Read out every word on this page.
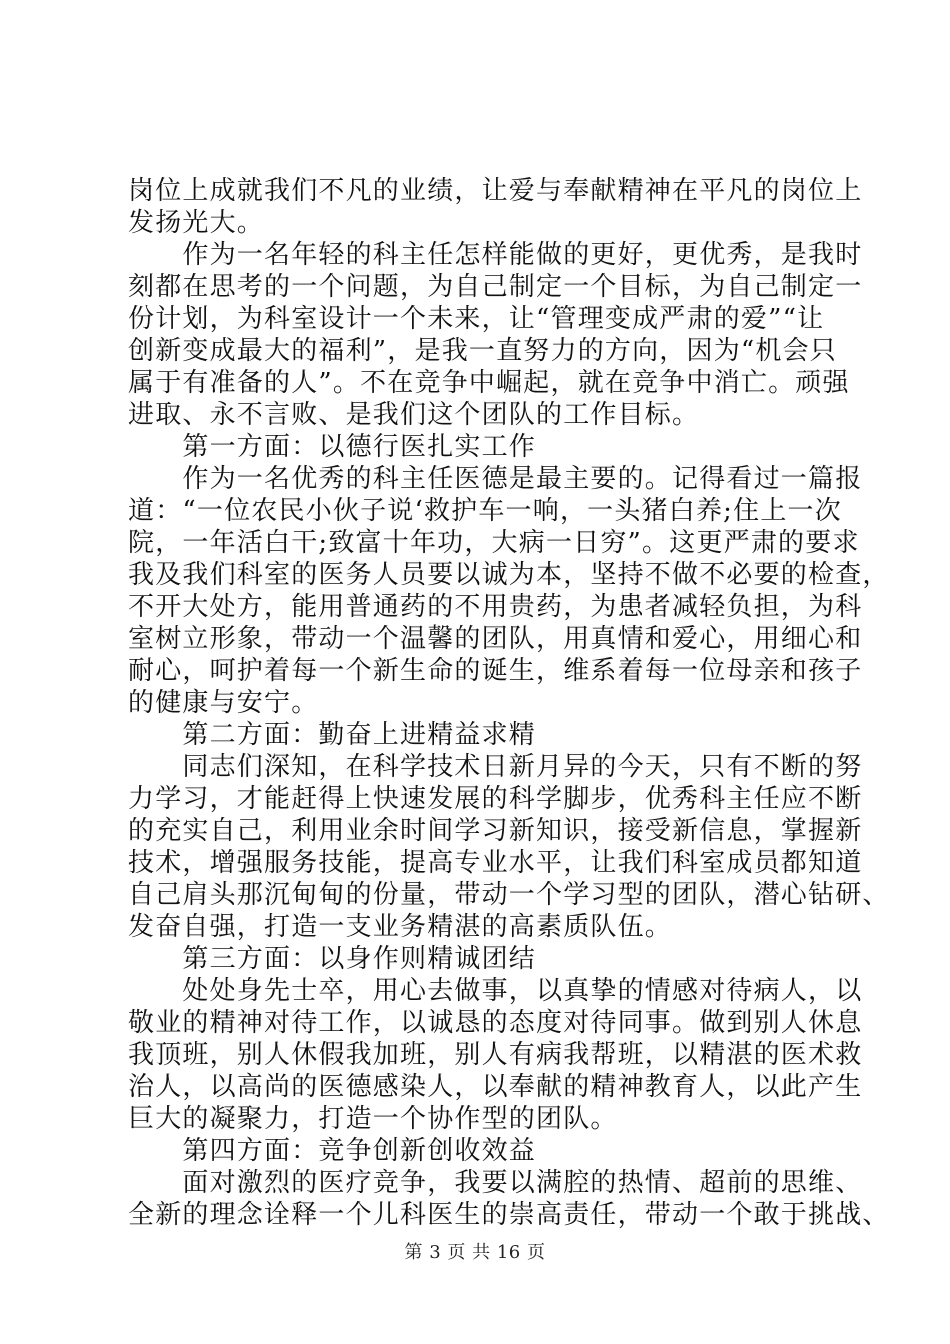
岗位上成就我们不凡的业绩，让爱与奉献精神在平凡的岗位上
发扬光大。
　　作为一名年轻的科主任怎样能做的更好，更优秀，是我时
刻都在思考的一个问题，为自己制定一个目标，为自己制定一
份计划，为科室设计一个未来，让“管理变成严肃的爱”“让
创新变成最大的福利”，是我一直努力的方向，因为“机会只
属于有准备的人”。不在竞争中崛起，就在竞争中消亡。顽强
进取、永不言败、是我们这个团队的工作目标。
　　第一方面：以德行医扎实工作
　　作为一名优秀的科主任医德是最主要的。记得看过一篇报
道：“一位农民小伙子说‘救护车一响，一头猪白养;住上一次
院，一年活白干;致富十年功，大病一日穷”。这更严肃的要求
我及我们科室的医务人员要以诚为本，坚持不做不必要的检查，
不开大处方，能用普通药的不用贵药，为患者减轻负担，为科
室树立形象，带动一个温馨的团队，用真情和爱心，用细心和
耐心，呵护着每一个新生命的诞生，维系着每一位母亲和孩子
的健康与安宁。
　　第二方面：勤奋上进精益求精
　　同志们深知，在科学技术日新月异的今天，只有不断的努
力学习，才能赶得上快速发展的科学脚步，优秀科主任应不断
的充实自己，利用业余时间学习新知识，接受新信息，掌握新
技术，增强服务技能，提高专业水平，让我们科室成员都知道
自己肩头那沉甸甸的份量，带动一个学习型的团队，潜心钻研、
发奋自强，打造一支业务精湛的高素质队伍。
　　第三方面：以身作则精诚团结
　　处处身先士卒，用心去做事，以真挚的情感对待病人，以
敬业的精神对待工作，以诚恳的态度对待同事。做到别人休息
我顶班，别人休假我加班，别人有病我帮班，以精湛的医术救
治人，以高尚的医德感染人，以奉献的精神教育人，以此产生
巨大的凝聚力，打造一个协作型的团队。
　　第四方面：竞争创新创收效益
　　面对激烈的医疗竞争，我要以满腔的热情、超前的思维、
全新的理念诠释一个儿科医生的崇高责任，带动一个敢于挑战、
第 3 页 共 16 页
